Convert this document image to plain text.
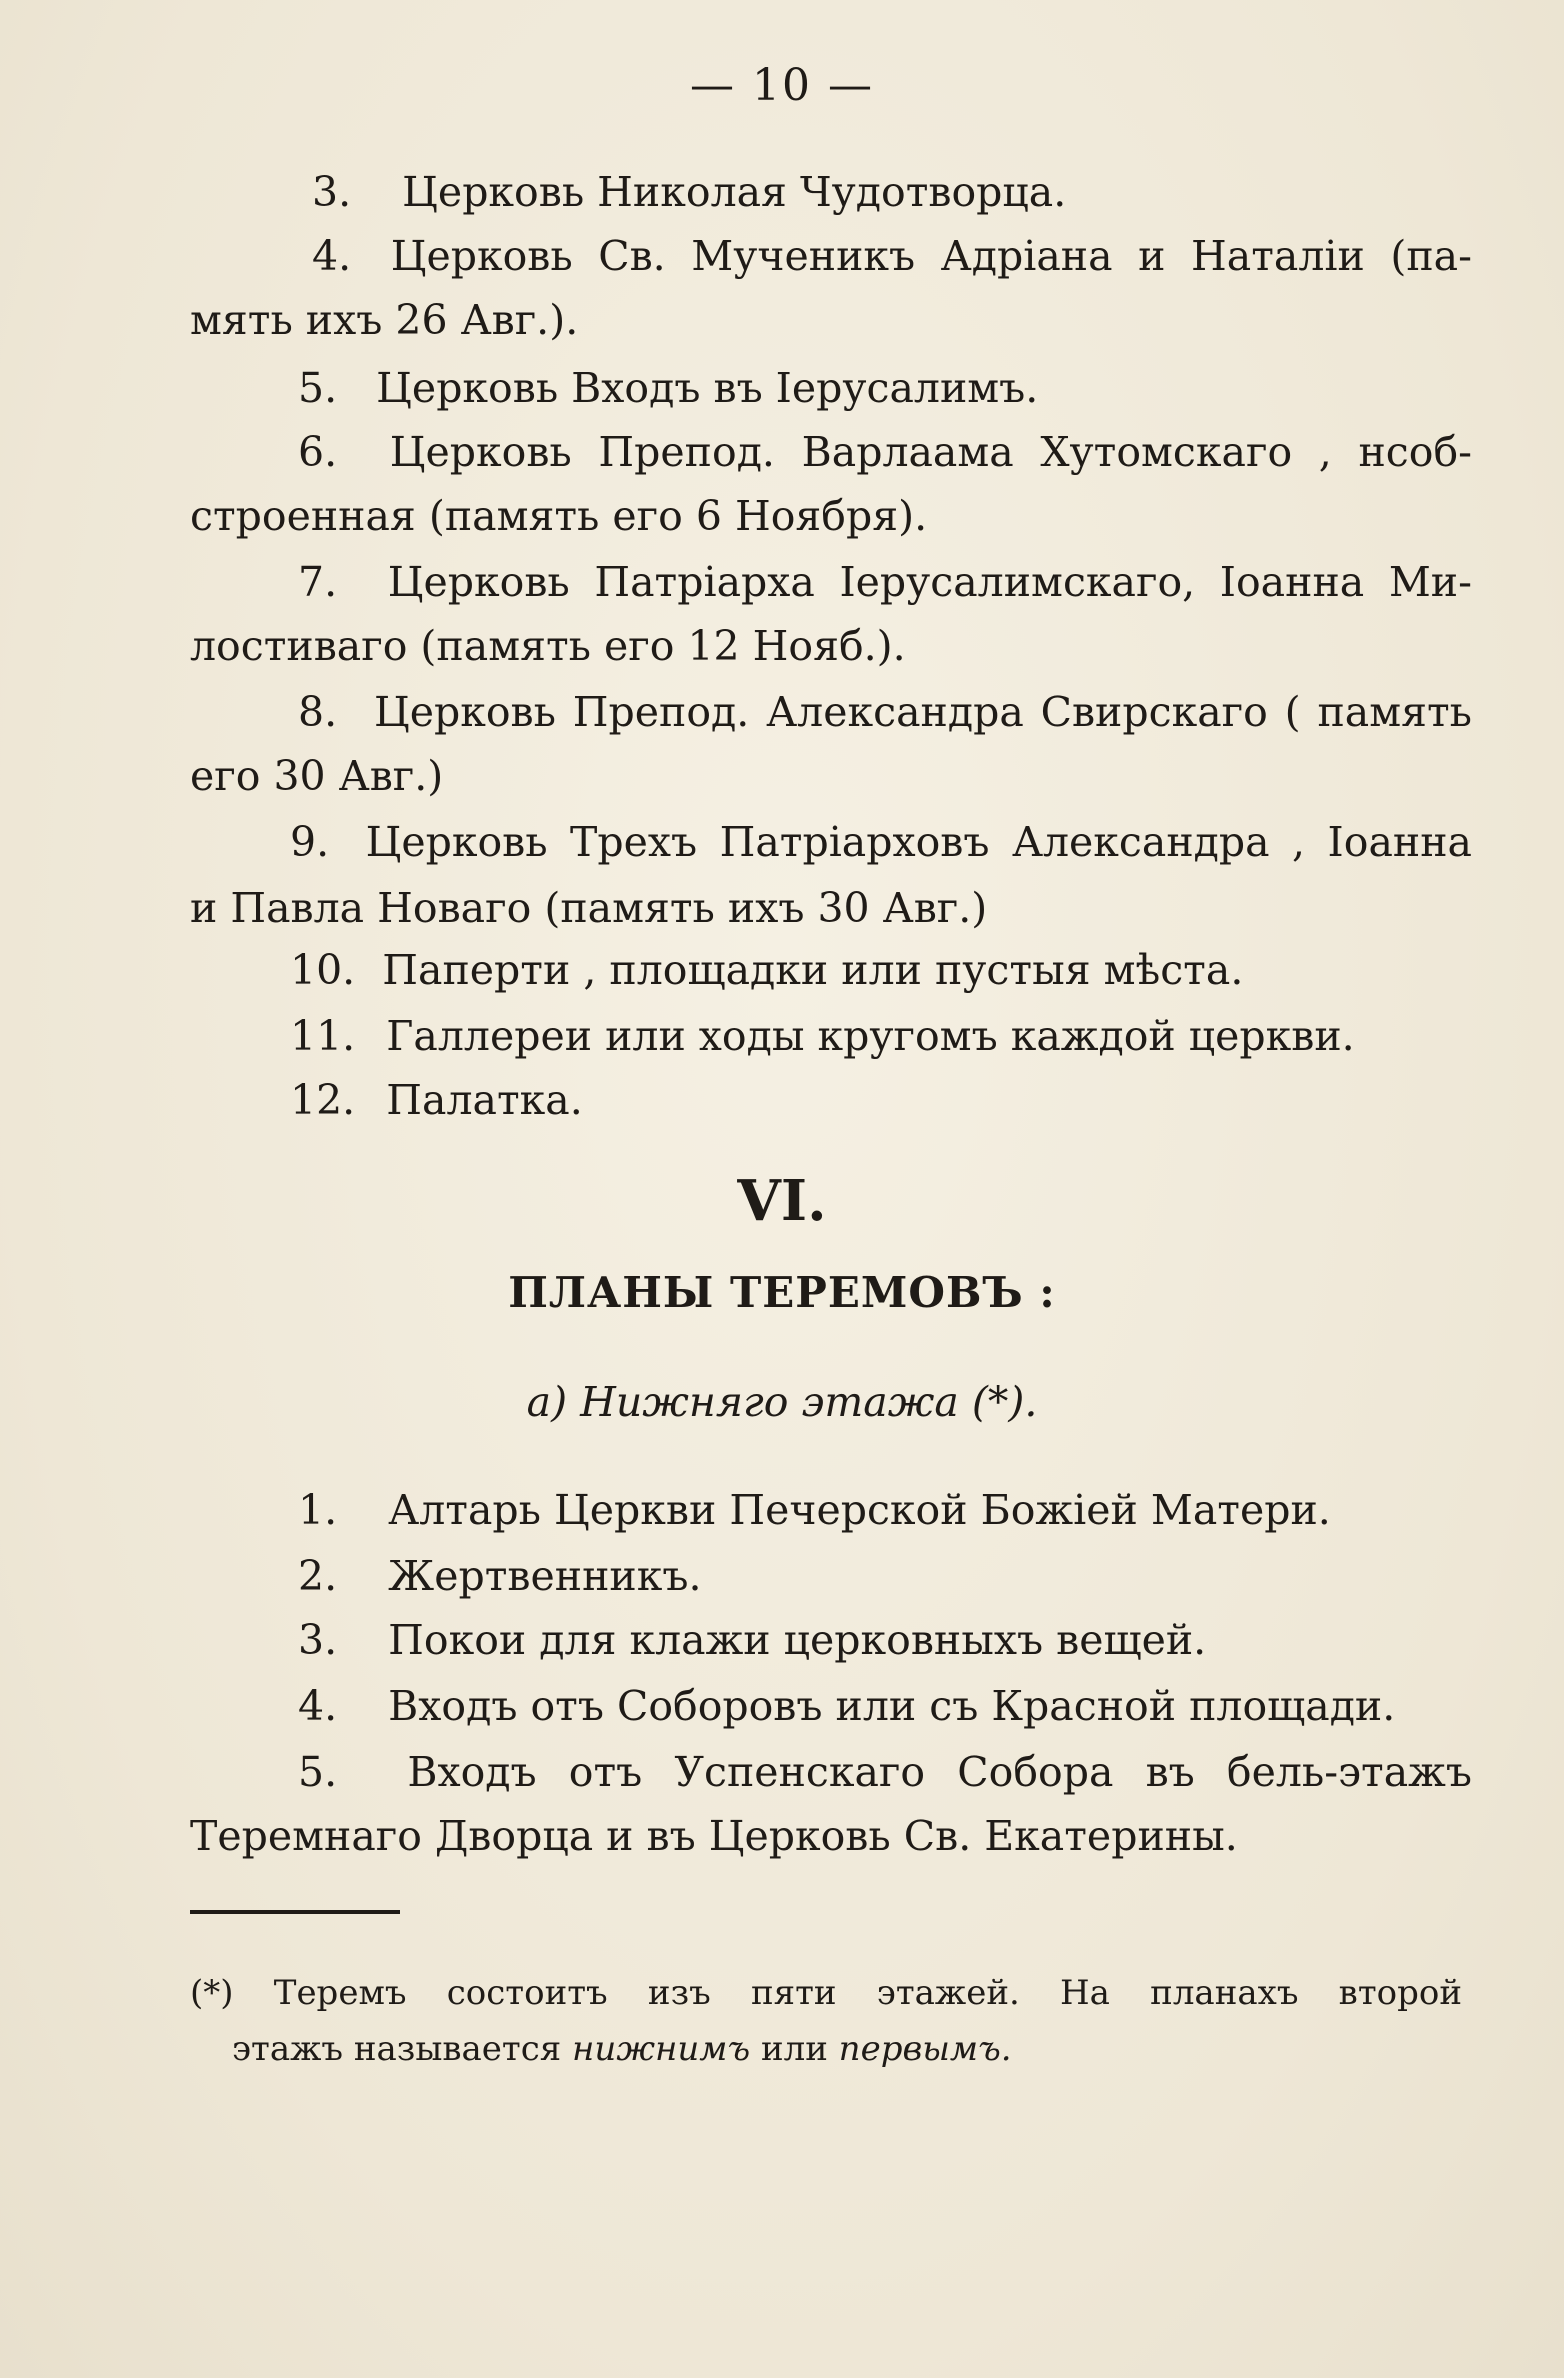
— 10 —
3. Церковь Николая Чудотворца.
4. Церковь Св. Мученикъ Адріана и Наталіи (па-
мять ихъ 26 Авг.).
5. Церковь Входъ въ Іерусалимъ.
6. Церковь Препод. Варлаама Хутомскаго , нсоб-
строенная (память его 6 Ноября).
7. Церковь Патріарха Іерусалимскаго, Іоанна Ми-
лостиваго (память его 12 Нояб.).
8. Церковь Препод. Александра Свирскаго ( память
его 30 Авг.)
9. Церковь Трехъ Патріарховъ Александра , Іоанна
и Павла Новаго (память ихъ 30 Авг.)
10. Паперти , площадки или пустыя мѣста.
11. Галлереи или ходы кругомъ каждой церкви.
12. Палатка.
VI.
ПЛАНЫ ТЕРЕМОВЪ :
а) Нижняго этажа (*).
1. Алтарь Церкви Печерской Божіей Матери.
2. Жертвенникъ.
3. Покои для клажи церковныхъ вещей.
4. Входъ отъ Соборовъ или съ Красной площади.
5. Входъ отъ Успенскаго Собора въ бель-этажъ
Теремнаго Дворца и въ Церковь Св. Екатерины.
(*) Теремъ состоитъ изъ пяти этажей. На планахъ второй
этажъ называется нижнимъ или первымъ.
